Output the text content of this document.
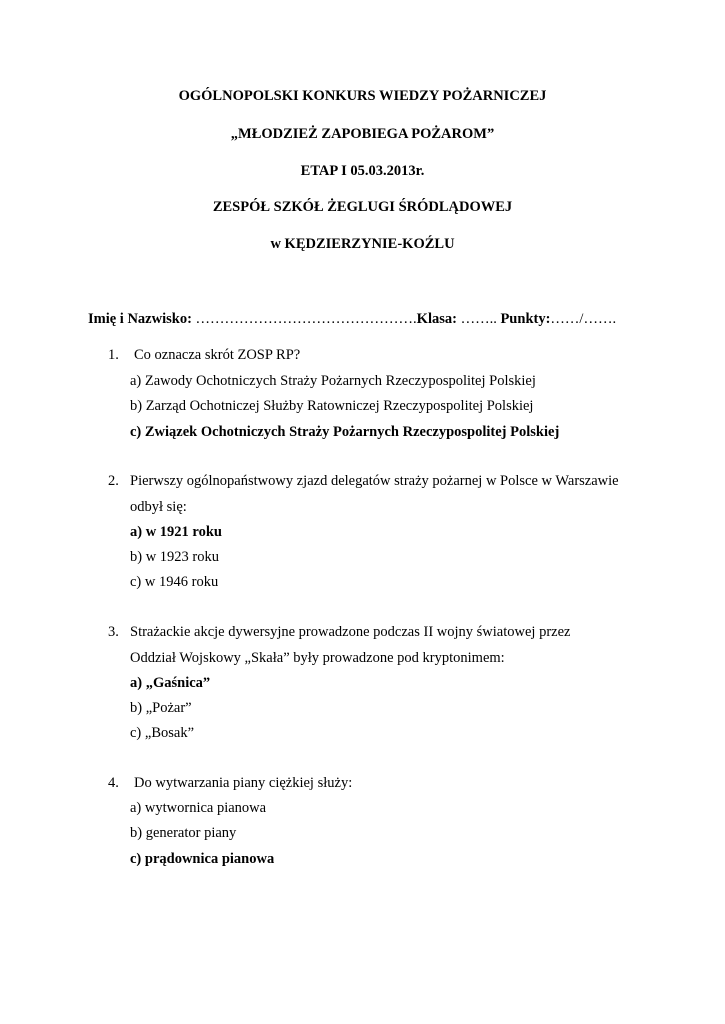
OGÓLNOPOLSKI KONKURS WIEDZY POŻARNICZEJ
„MŁODZIEŻ ZAPOBIEGA POŻAROM”
ETAP I 05.03.2013r.
ZESPÓŁ SZKÓŁ ŻEGLUGI ŚRÓDLĄDOWEJ
w KĘDZIERZYNIE-KOŹLU
Imię i Nazwisko: ……………………………………….Klasa: …….. Punkty:……/…….
1. Co oznacza skrót ZOSP RP?
a) Zawody Ochotniczych Straży Pożarnych Rzeczypospolitej Polskiej
b) Zarząd Ochotniczej Służby Ratowniczej Rzeczypospolitej Polskiej
c) Związek Ochotniczych Straży Pożarnych Rzeczypospolitej Polskiej
2. Pierwszy ogólnopaństwowy zjazd delegatów straży pożarnej w Polsce w Warszawie
odbył się:
a) w 1921 roku
b) w 1923 roku
c) w 1946 roku
3. Strażackie akcje dywersyjne prowadzone podczas II wojny światowej przez
Oddział Wojskowy „Skała” były prowadzone pod kryptonimem:
a) „Gaśnica”
b) „Pożar”
c) „Bosak”
4. Do wytwarzania piany ciężkiej służy:
a) wytwornica pianowa
b) generator piany
c) prądownica pianowa
